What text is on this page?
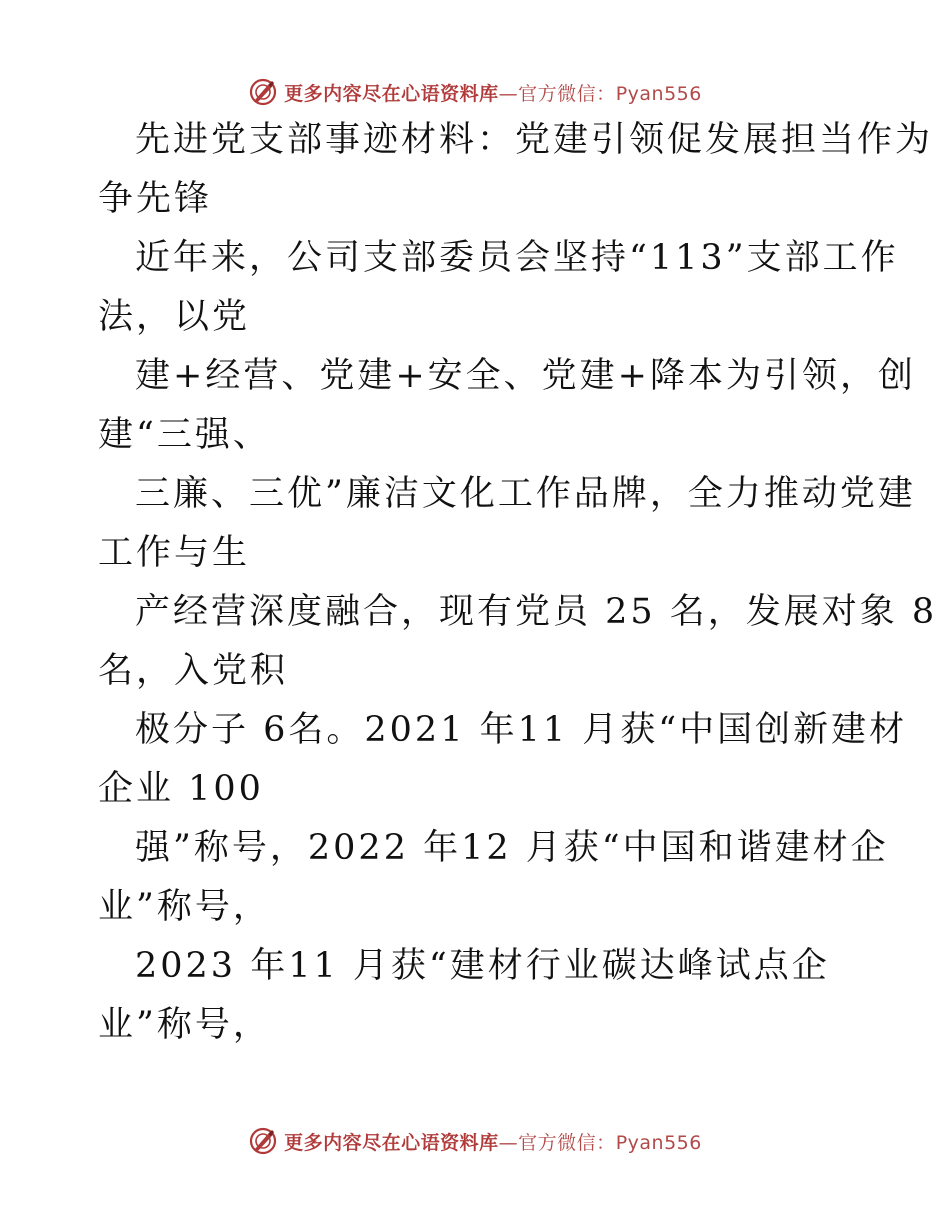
更多内容尽在心语资料库—官方微信：Pyan556
先进党支部事迹材料：党建引领促发展担当作为
争先锋
近年来，公司支部委员会坚持“113”支部工作
法，以党
建+经营、党建+安全、党建+降本为引领，创
建“三强、
三廉、三优”廉洁文化工作品牌，全力推动党建
工作与生
产经营深度融合，现有党员 25 名，发展对象 8
名，入党积
极分子 6名。2021 年11 月获“中国创新建材
企业 100
强”称号，2022 年12 月获“中国和谐建材企
业”称号，
2023 年11 月获“建材行业碳达峰试点企
业”称号，
更多内容尽在心语资料库—官方微信：Pyan556
